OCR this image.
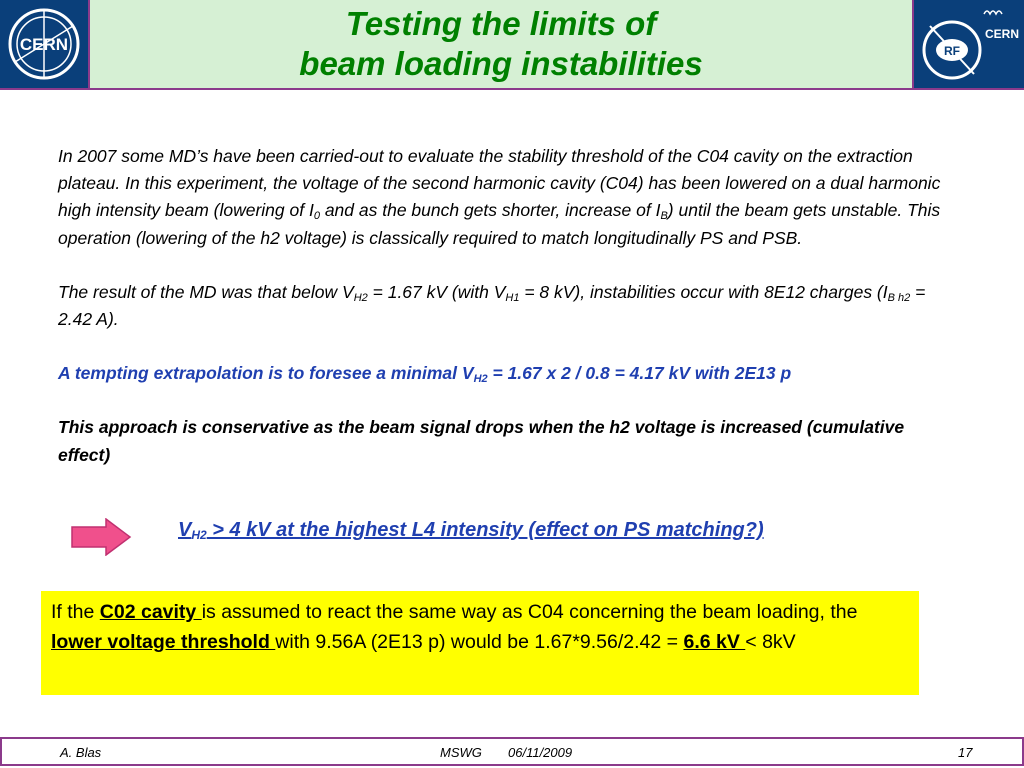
CERN
Testing the limits of
beam loading instabilities	RF
CERN

In 2007 some MD’s have been carried-out to evaluate the stability threshold of the C04 cavity on the extraction plateau. In this experiment, the voltage of the second harmonic cavity (C04) has been lowered on a dual harmonic high intensity beam (lowering of $I_0$ and as the bunch gets shorter, increase of $I_B$) until the beam gets unstable. This operation (lowering of the h2 voltage) is classically required to match longitudinally PS and PSB.

The result of the MD was that below $V_{H2} = 1.67$ kV (with $V_{H1} = 8$ kV), instabilities occur with 8E12 charges ($I_{B h2} = 2.42$ A).

A tempting extrapolation is to foresee a minimal $V_{H2} = 1.67$ x 2 / 0.8 = 4.17 kV with 2E13 p

This approach is conservative as the beam signal drops when the h2 voltage is increased (cumulative effect)

$V_{H2} > 4$ kV at the highest L4 intensity (effect on PS matching?)
If the C02 cavity is assumed to react the same way as C04 concerning the beam loading, the lower voltage threshold with 9.56A (2E13 p) would be 1.67*9.56/2.42 = 6.6 kV < 8kV
A. Blas	MSWG 06/11/2009	17
